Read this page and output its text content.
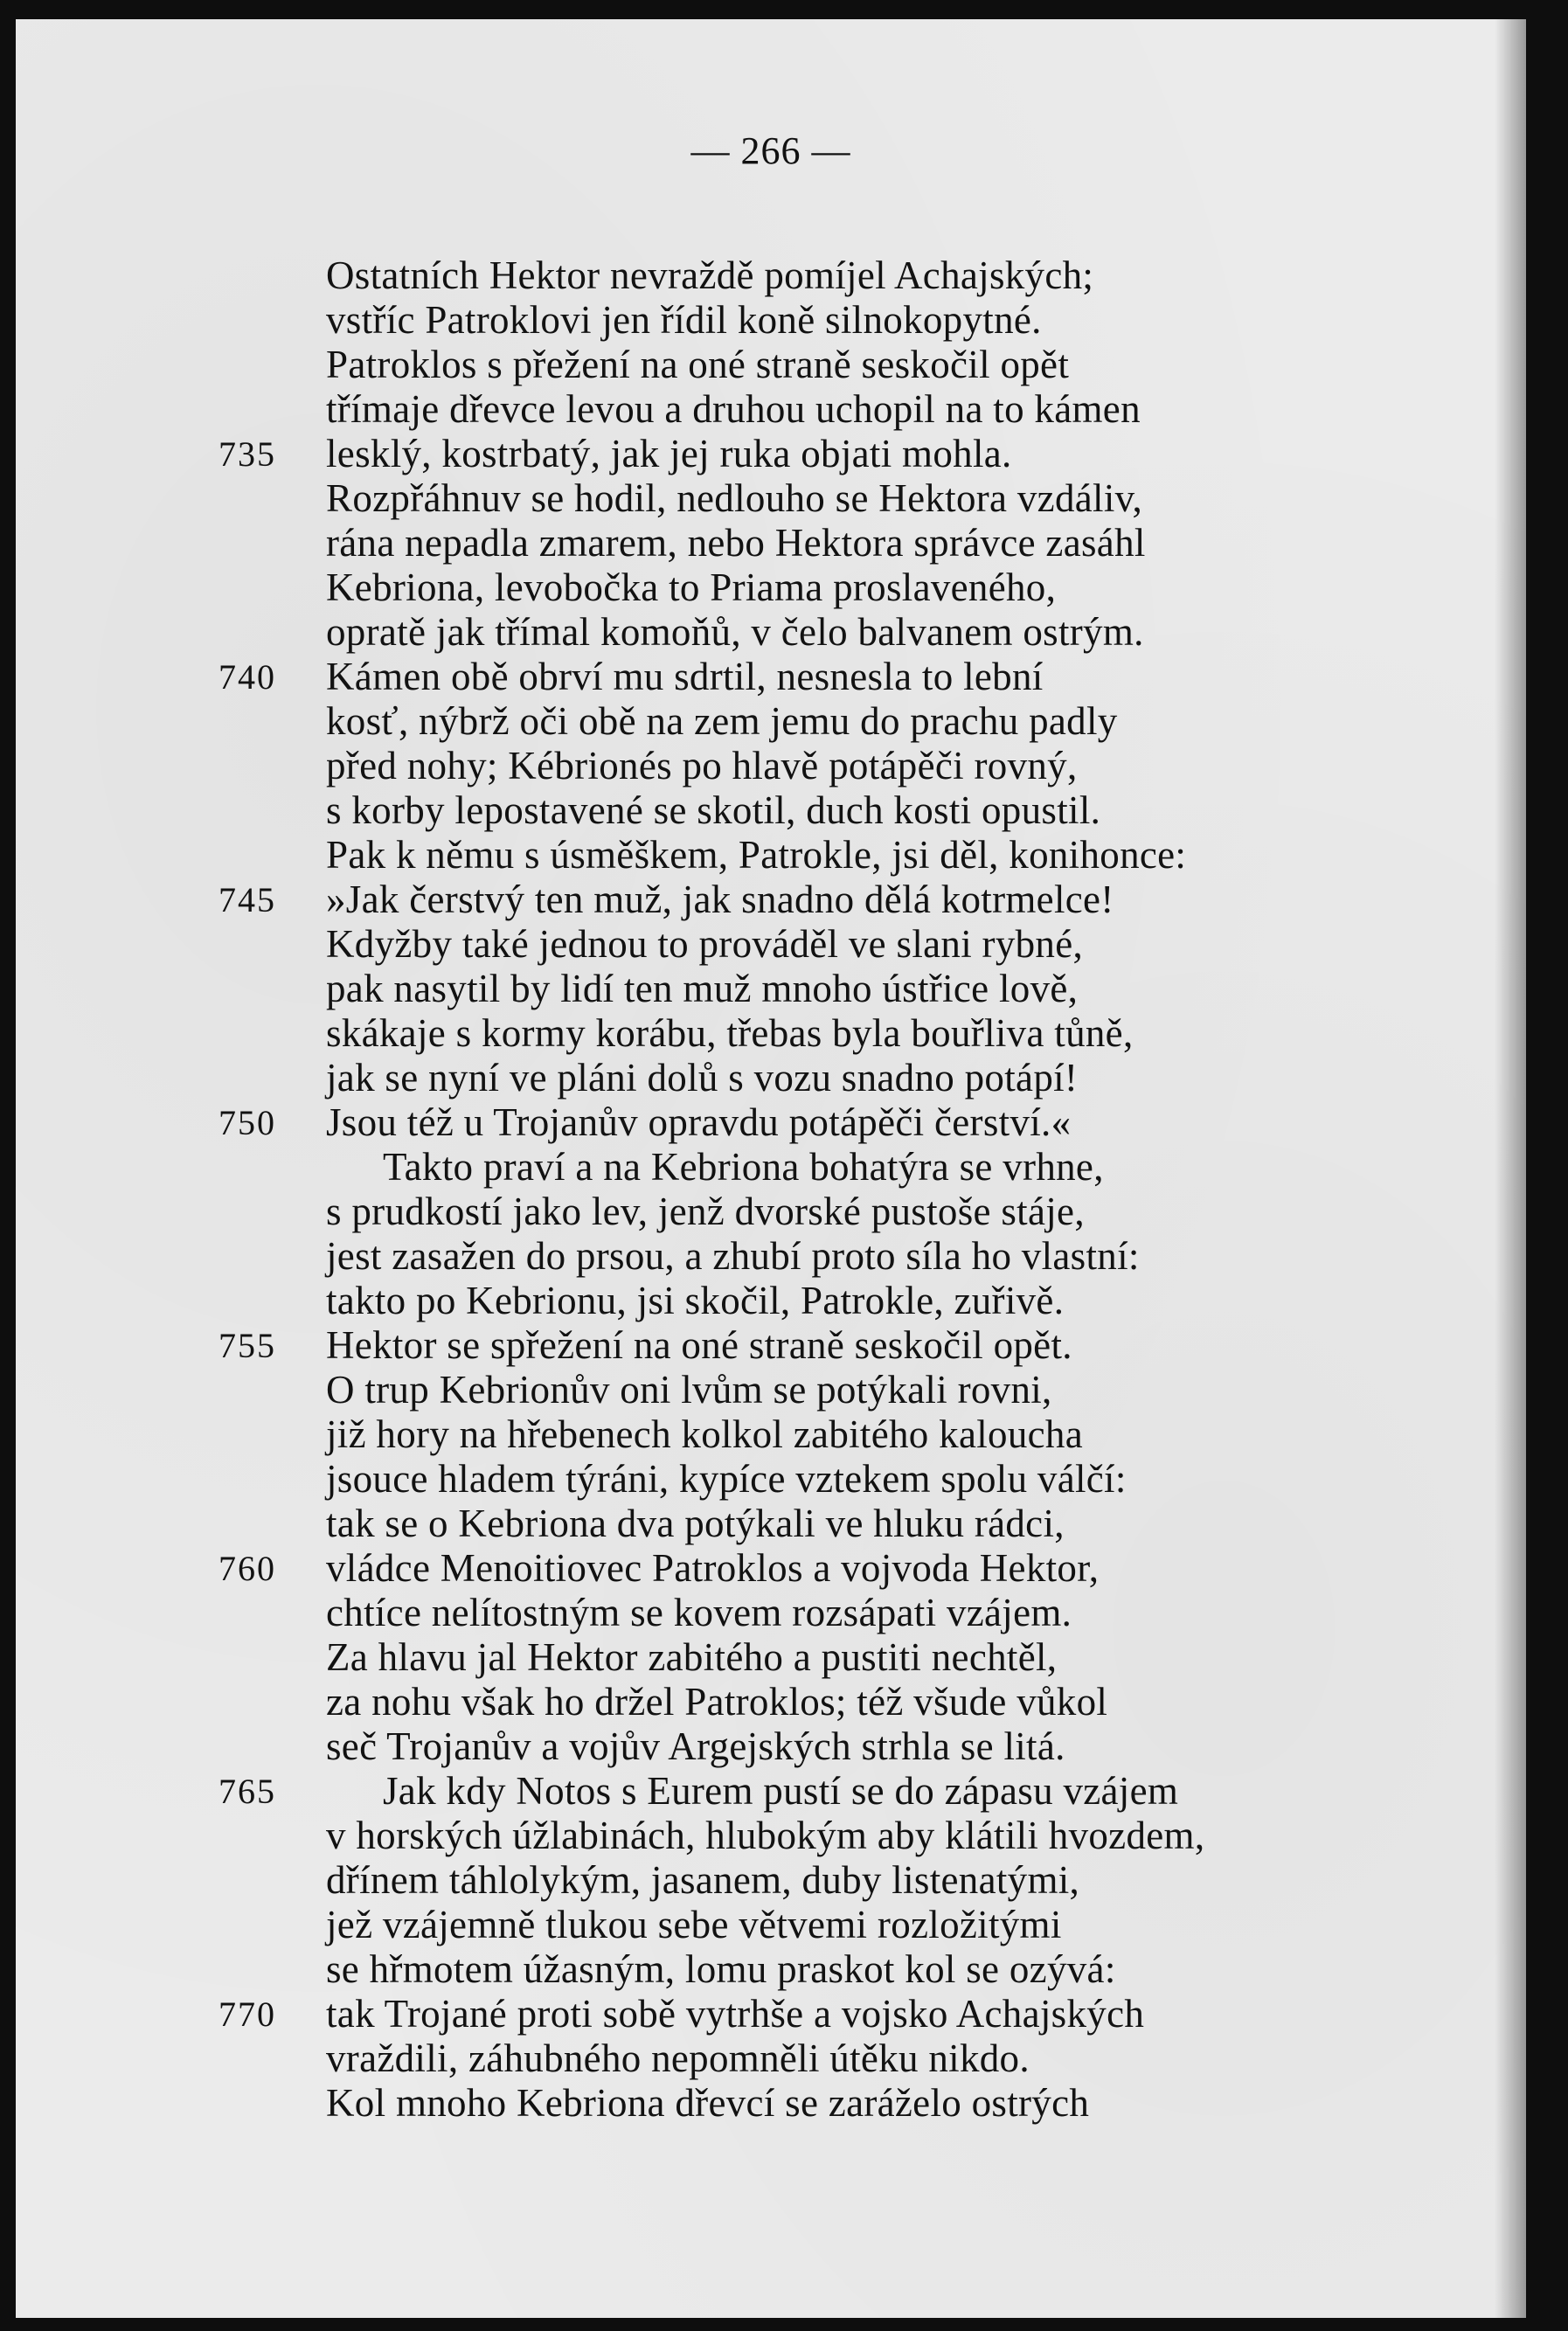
— 266 —
Ostatních Hektor nevraždě pomíjel Achajských;
vstříc Patroklovi jen řídil koně silnokopytné.
Patroklos s přežení na oné straně seskočil opět
třímaje dřevce levou a druhou uchopil na to kámen
735	lesklý, kostrbatý, jak jej ruka objati mohla.
Rozpřáhnuv se hodil, nedlouho se Hektora vzdáliv,
rána nepadla zmarem, nebo Hektora správce zasáhl
Kebriona, levobočka to Priama proslaveného,
opratě jak třímal komoňů, v čelo balvanem ostrým.
740	Kámen obě obrví mu sdrtil, nesnesla to lební
kosť, nýbrž oči obě na zem jemu do prachu padly
před nohy; Kébrionés po hlavě potápěči rovný,
s korby lepostavené se skotil, duch kosti opustil.
Pak k němu s úsměškem, Patrokle, jsi děl, konihonce:
745	»Jak čerstvý ten muž, jak snadno dělá kotrmelce!
Kdyžby také jednou to prováděl ve slani rybné,
pak nasytil by lidí ten muž mnoho ústřice lově,
skákaje s kormy korábu, třebas byla bouřliva tůně,
jak se nyní ve pláni dolů s vozu snadno potápí!
750	Jsou též u Trojanův opravdu potápěči čerství.«
Takto praví a na Kebriona bohatýra se vrhne,
s prudkostí jako lev, jenž dvorské pustoše stáje,
jest zasažen do prsou, a zhubí proto síla ho vlastní:
takto po Kebrionu, jsi skočil, Patrokle, zuřivě.
755	Hektor se spřežení na oné straně seskočil opět.
O trup Kebrionův oni lvům se potýkali rovni,
již hory na hřebenech kolkol zabitého kaloucha
jsouce hladem týráni, kypíce vztekem spolu válčí:
tak se o Kebriona dva potýkali ve hluku rádci,
760	vládce Menoitiovec Patroklos a vojvoda Hektor,
chtíce nelítostným se kovem rozsápati vzájem.
Za hlavu jal Hektor zabitého a pustiti nechtěl,
za nohu však ho držel Patroklos; též všude vůkol
seč Trojanův a vojův Argejských strhla se litá.
765	Jak kdy Notos s Eurem pustí se do zápasu vzájem
v horských úžlabinách, hlubokým aby klátili hvozdem,
dřínem táhlolykým, jasanem, duby listenatými,
jež vzájemně tlukou sebe větvemi rozložitými
se hřmotem úžasným, lomu praskot kol se ozývá:
770	tak Trojané proti sobě vytrhše a vojsko Achajských
vraždili, záhubného nepomněli útěku nikdo.
Kol mnoho Kebriona dřevcí se zaráželo ostrých
